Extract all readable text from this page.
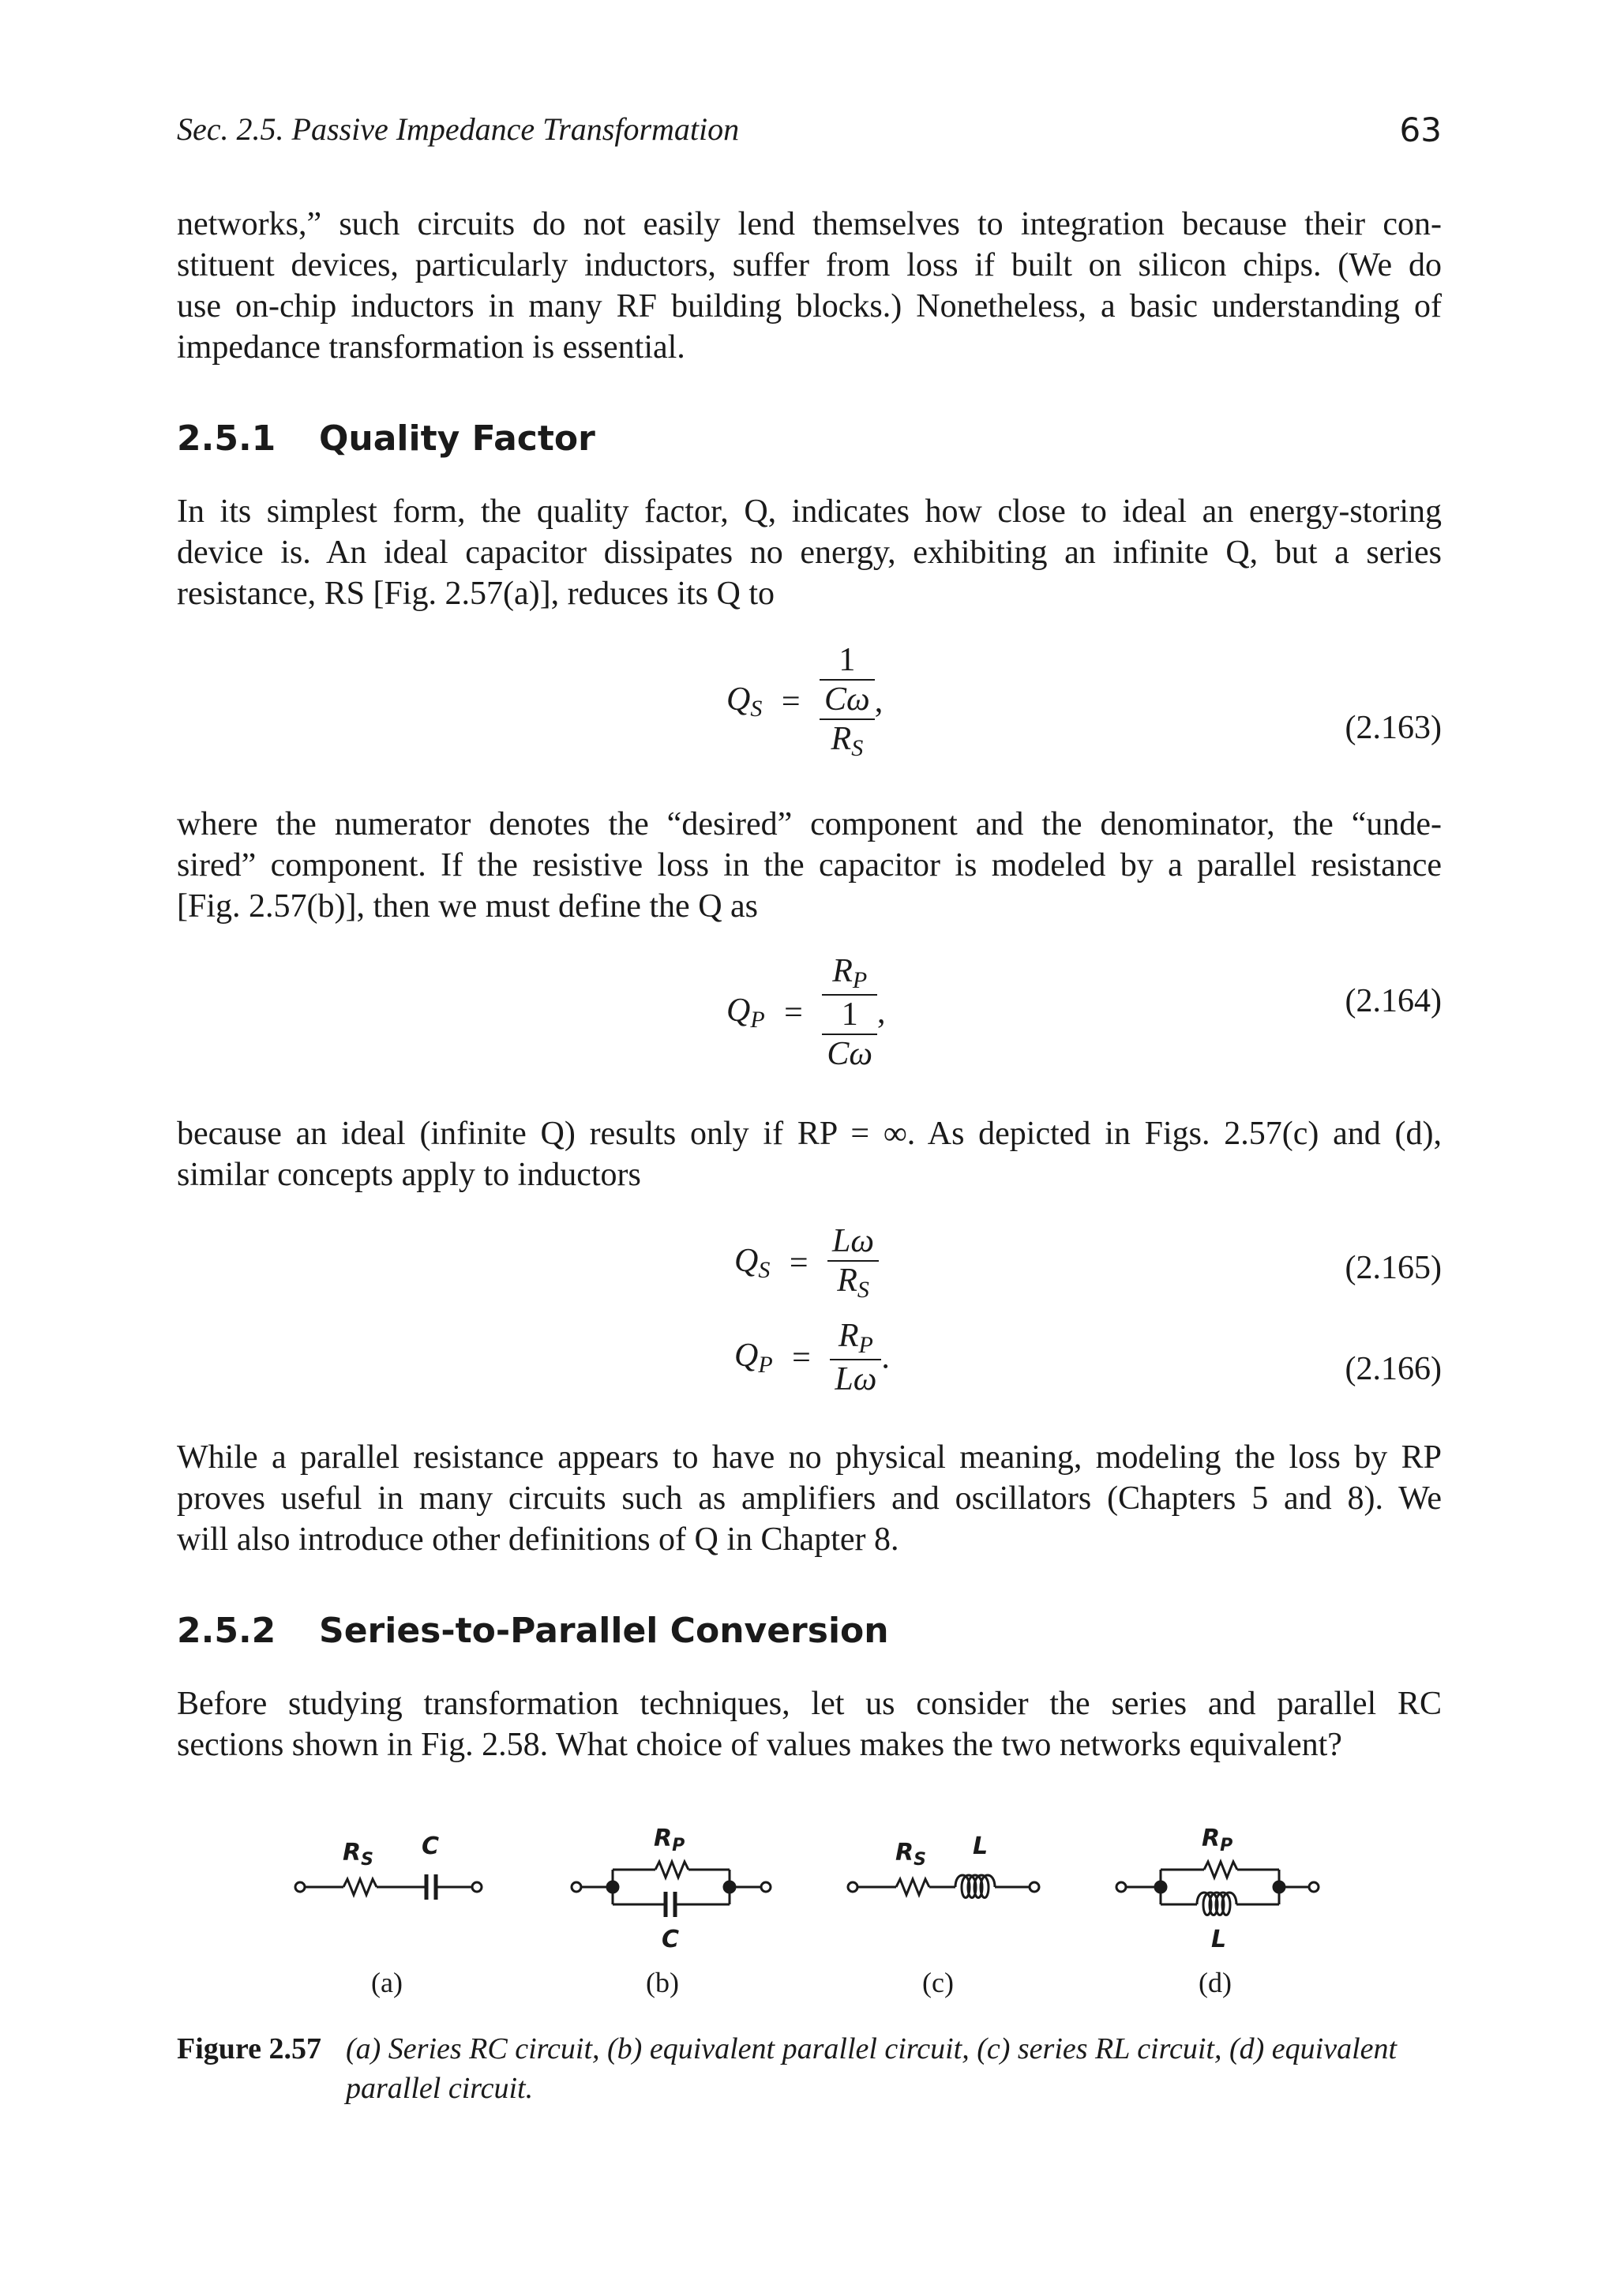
Sec. 2.5. Passive Impedance Transformation	63
networks,” such circuits do not easily lend themselves to integration because their con-
stituent devices, particularly inductors, suffer from loss if built on silicon chips. (We do
use on-chip inductors in many RF building blocks.) Nonetheless, a basic understanding of
impedance transformation is essential.
2.5.1 Quality Factor
In its simplest form, the quality factor, Q, indicates how close to ideal an energy-storing
device is. An ideal capacitor dissipates no energy, exhibiting an infinite Q, but a series
resistance, RS [Fig. 2.57(a)], reduces its Q to
$Q_S = 1$
Cω
$R_S$ ,
(2.163)
where the numerator denotes the “desired” component and the denominator, the “unde-
sired” component. If the resistive loss in the capacitor is modeled by a parallel resistance
[Fig. 2.57(b)], then we must define the Q as
$Q_P = R_P$
1
Cω ,	(2.164)
because an ideal (infinite Q) results only if RP = ∞. As depicted in Figs. 2.57(c) and (d),
similar concepts apply to inductors
$Q_S = \frac{L\omega}{R_S}$	(2.165)
$Q_P = \frac{R_P}{L\omega}$ .	(2.166)
While a parallel resistance appears to have no physical meaning, modeling the loss by RP
proves useful in many circuits such as amplifiers and oscillators (Chapters 5 and 8). We
will also introduce other definitions of Q in Chapter 8.
2.5.2 Series-to-Parallel Conversion
Before studying transformation techniques, let us consider the series and parallel RC
sections shown in Fig. 2.58. What choice of values makes the two networks equivalent?
$R_S$ C	$R_P$
C
$R_S$ L	$R_P$
L
(a)	(b)	(c)	(d)
Figure 2.57 (a) Series RC circuit, (b) equivalent parallel circuit, (c) series RL circuit, (d) equivalent
parallel circuit.
